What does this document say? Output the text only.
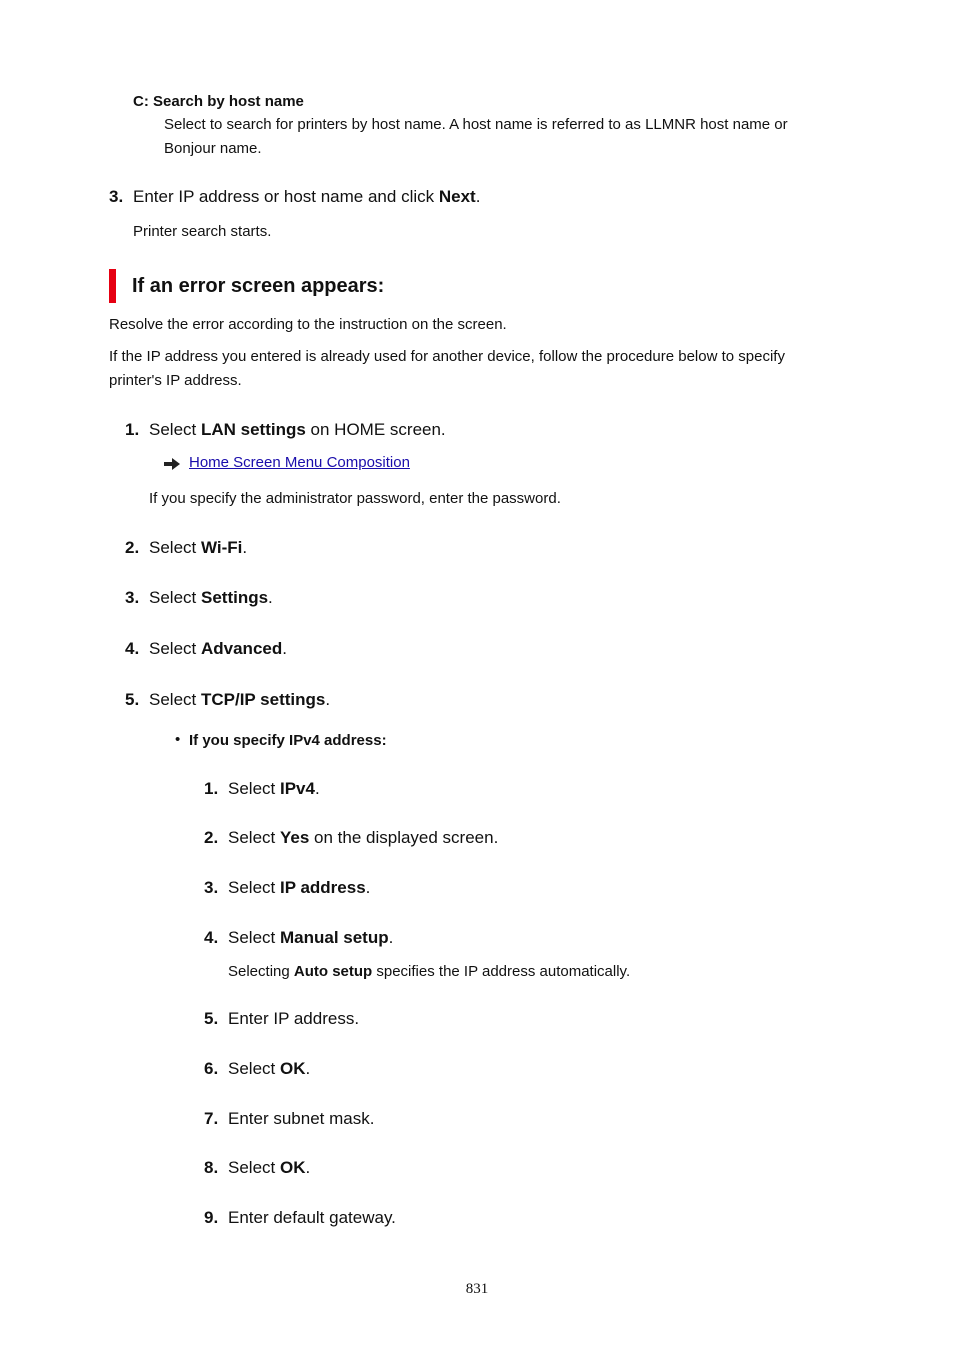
C: Search by host name
Select to search for printers by host name. A host name is referred to as LLMNR host name or
Bonjour name.
3. Enter IP address or host name and click Next.
Printer search starts.
If an error screen appears:
Resolve the error according to the instruction on the screen.
If the IP address you entered is already used for another device, follow the procedure below to specify
printer's IP address.
1. Select LAN settings on HOME screen.
Home Screen Menu Composition
If you specify the administrator password, enter the password.
2. Select Wi-Fi.
3. Select Settings.
4. Select Advanced.
5. Select TCP/IP settings.
• If you specify IPv4 address:
1. Select IPv4.
2. Select Yes on the displayed screen.
3. Select IP address.
4. Select Manual setup.
Selecting Auto setup specifies the IP address automatically.
5. Enter IP address.
6. Select OK.
7. Enter subnet mask.
8. Select OK.
9. Enter default gateway.
831
